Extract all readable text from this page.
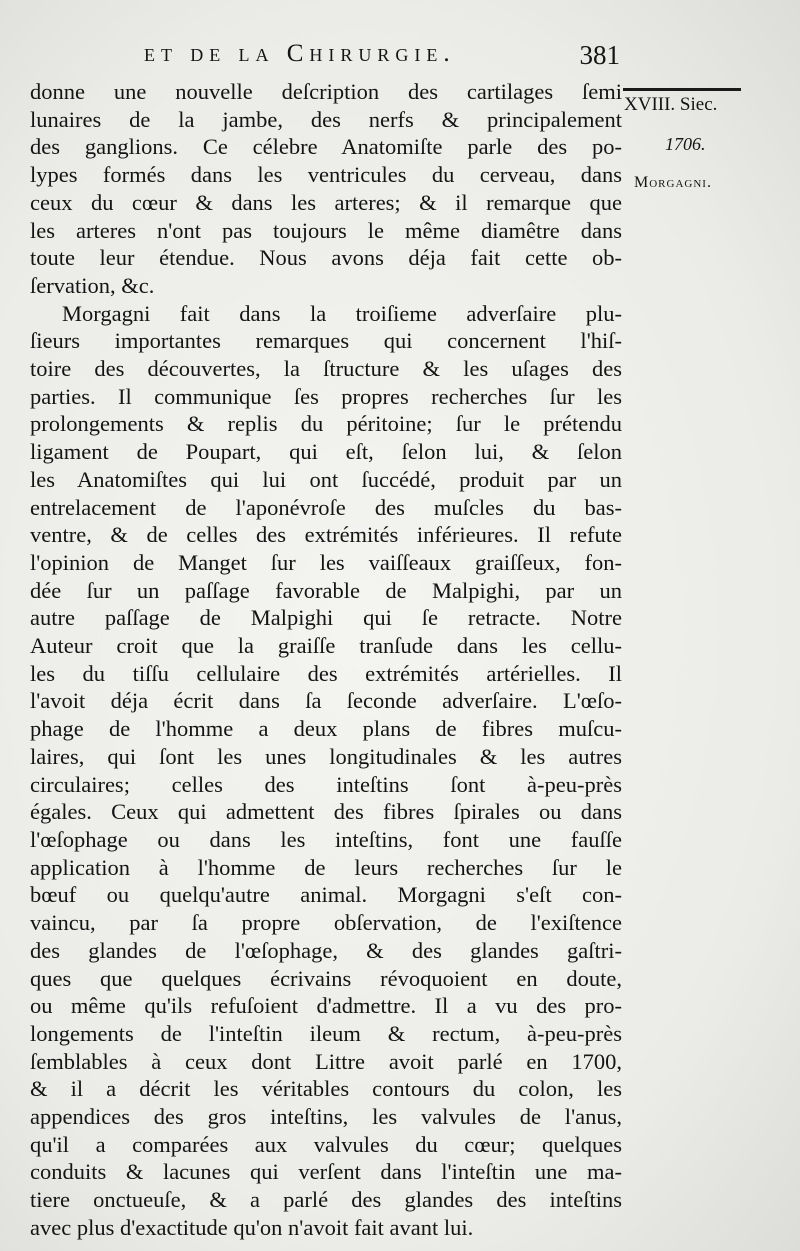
et de la Chirurgie.	381
XVIII. Siec.
1706.
Morgagni.
donne une nouvelle deſcription des cartilages ſemi
lunaires de la jambe, des nerfs & principalement
des ganglions. Ce célebre Anatomiſte parle des po-
lypes formés dans les ventricules du cerveau, dans
ceux du cœur & dans les arteres; & il remarque que
les arteres n'ont pas toujours le même diamêtre dans
toute leur étendue. Nous avons déja fait cette ob-
ſervation, &c.
Morgagni fait dans la troiſieme adverſaire plu-
ſieurs importantes remarques qui concernent l'hiſ-
toire des découvertes, la ſtructure & les uſages des
parties. Il communique ſes propres recherches ſur les
prolongements & replis du péritoine; ſur le prétendu
ligament de Poupart, qui eſt, ſelon lui, & ſelon
les Anatomiſtes qui lui ont ſuccédé, produit par un
entrelacement de l'aponévroſe des muſcles du bas-
ventre, & de celles des extrémités inférieures. Il refute
l'opinion de Manget ſur les vaiſſeaux graiſſeux, fon-
dée ſur un paſſage favorable de Malpighi, par un
autre paſſage de Malpighi qui ſe retracte. Notre
Auteur croit que la graiſſe tranſude dans les cellu-
les du tiſſu cellulaire des extrémités artérielles. Il
l'avoit déja écrit dans ſa ſeconde adverſaire. L'œſo-
phage de l'homme a deux plans de fibres muſcu-
laires, qui ſont les unes longitudinales & les autres
circulaires; celles des inteſtins ſont à-peu-près
égales. Ceux qui admettent des fibres ſpirales ou dans
l'œſophage ou dans les inteſtins, font une fauſſe
application à l'homme de leurs recherches ſur le
bœuf ou quelqu'autre animal. Morgagni s'eſt con-
vaincu, par ſa propre obſervation, de l'exiſtence
des glandes de l'œſophage, & des glandes gaſtri-
ques que quelques écrivains révoquoient en doute,
ou même qu'ils refuſoient d'admettre. Il a vu des pro-
longements de l'inteſtin ileum & rectum, à-peu-près
ſemblables à ceux dont Littre avoit parlé en 1700,
& il a décrit les véritables contours du colon, les
appendices des gros inteſtins, les valvules de l'anus,
qu'il a comparées aux valvules du cœur; quelques
conduits & lacunes qui verſent dans l'inteſtin une ma-
tiere onctueuſe, & a parlé des glandes des inteſtins
avec plus d'exactitude qu'on n'avoit fait avant lui.
